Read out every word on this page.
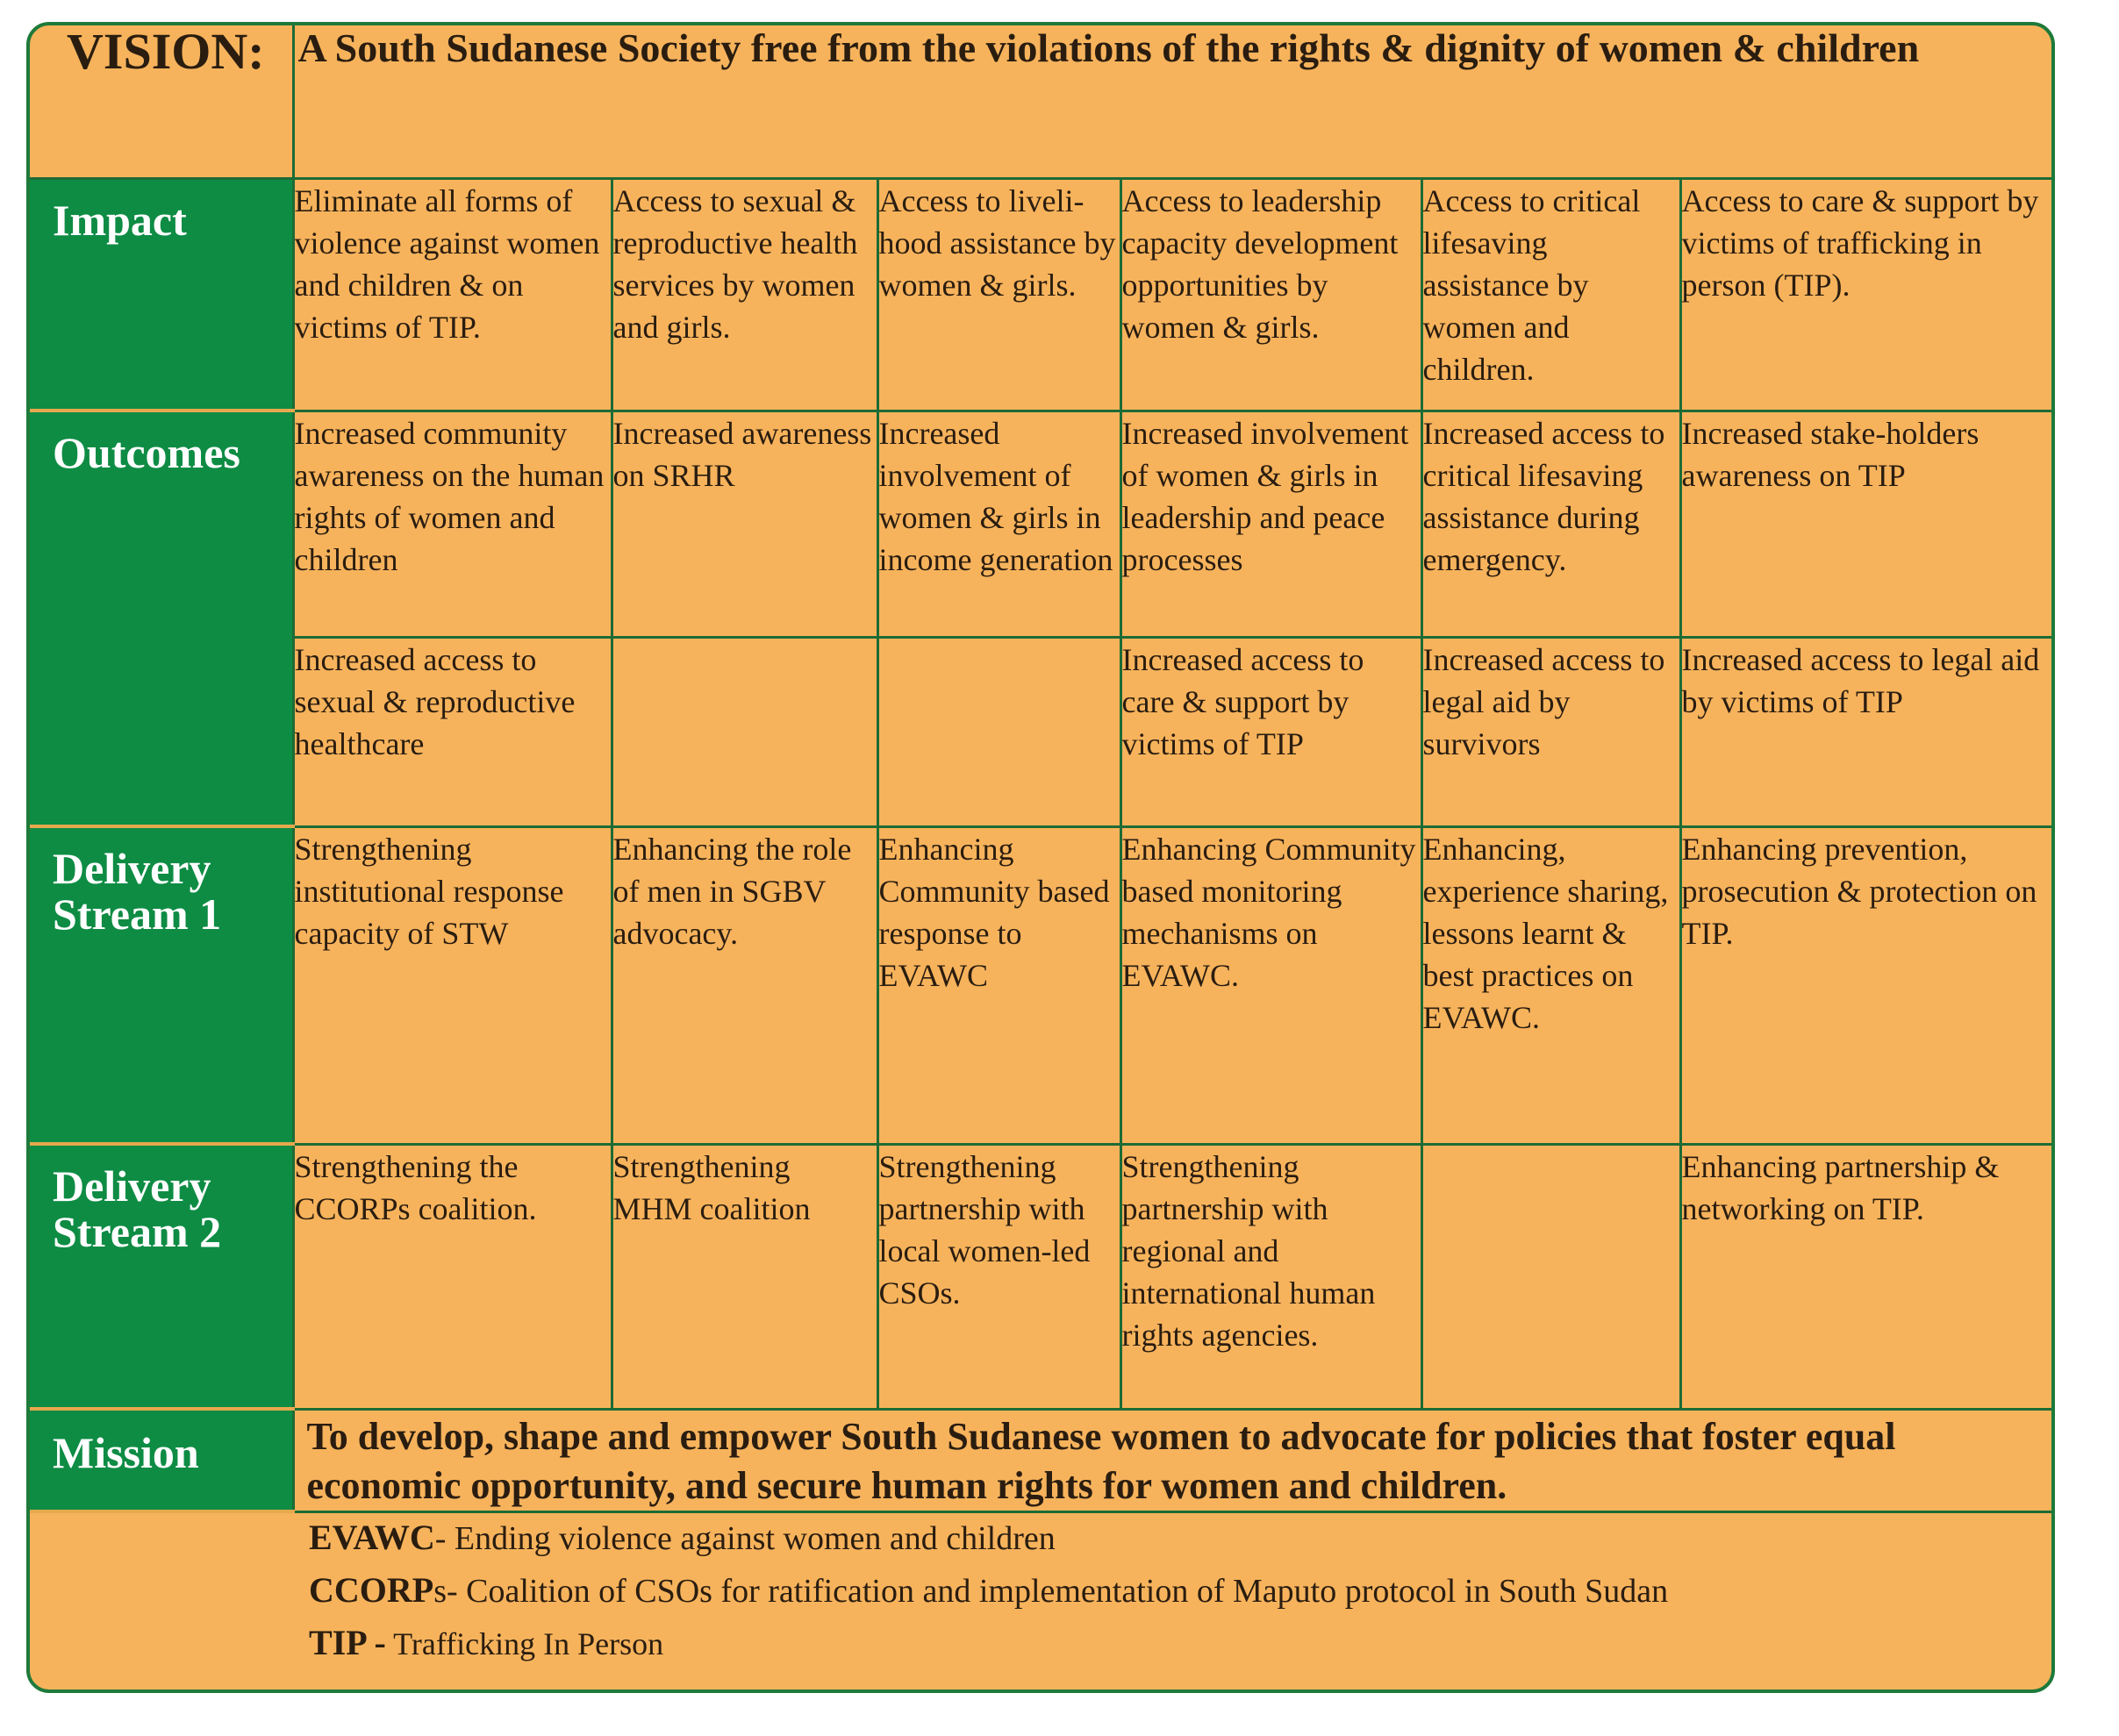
VISION:	A South Sudanese Society free from the violations of the rights & dignity of women & children					
Impact	Eliminate all forms of violence against women and children & on victims of TIP.	Access to sexual & reproductive health services by women and girls.	Access to liveli-hood assistance by women & girls.	Access to leadership capacity development opportunities by women & girls.	Access to critical lifesaving assistance by women and children.	Access to care & support by victims of trafficking in person (TIP).
Outcomes	Increased community awareness on the human rights of women and children	Increased awareness on SRHR	Increased involvement of women & girls in income generation	Increased involvement of women & girls in leadership and peace processes	Increased access to critical lifesaving assistance during emergency.	Increased stake-holders awareness on TIP
	Increased access to sexual & reproductive healthcare			Increased access to care & support by victims of TIP	Increased access to legal aid by survivors	Increased access to legal aid by victims of TIP
Delivery
Stream 1	Strengthening institutional response capacity of STW	Enhancing the role of men in SGBV advocacy.	Enhancing Community based response to EVAWC	Enhancing Community based monitoring mechanisms on EVAWC.	Enhancing, experience sharing, lessons learnt & best practices on EVAWC.	Enhancing prevention, prosecution & protection on TIP.
Delivery
Stream 2	Strengthening the CCORPs coalition.	Strengthening MHM coalition	Strengthening partnership with local women-led CSOs.	Strengthening partnership with regional and international human rights agencies.		Enhancing partnership & networking on TIP.
Mission	To develop, shape and empower South Sudanese women to advocate for policies that foster equal economic opportunity, and secure human rights for women and children.					
EVAWC- Ending violence against women and children
CCORPs- Coalition of CSOs for ratification and implementation of Maputo protocol in South Sudan
TIP - Trafficking In Person
